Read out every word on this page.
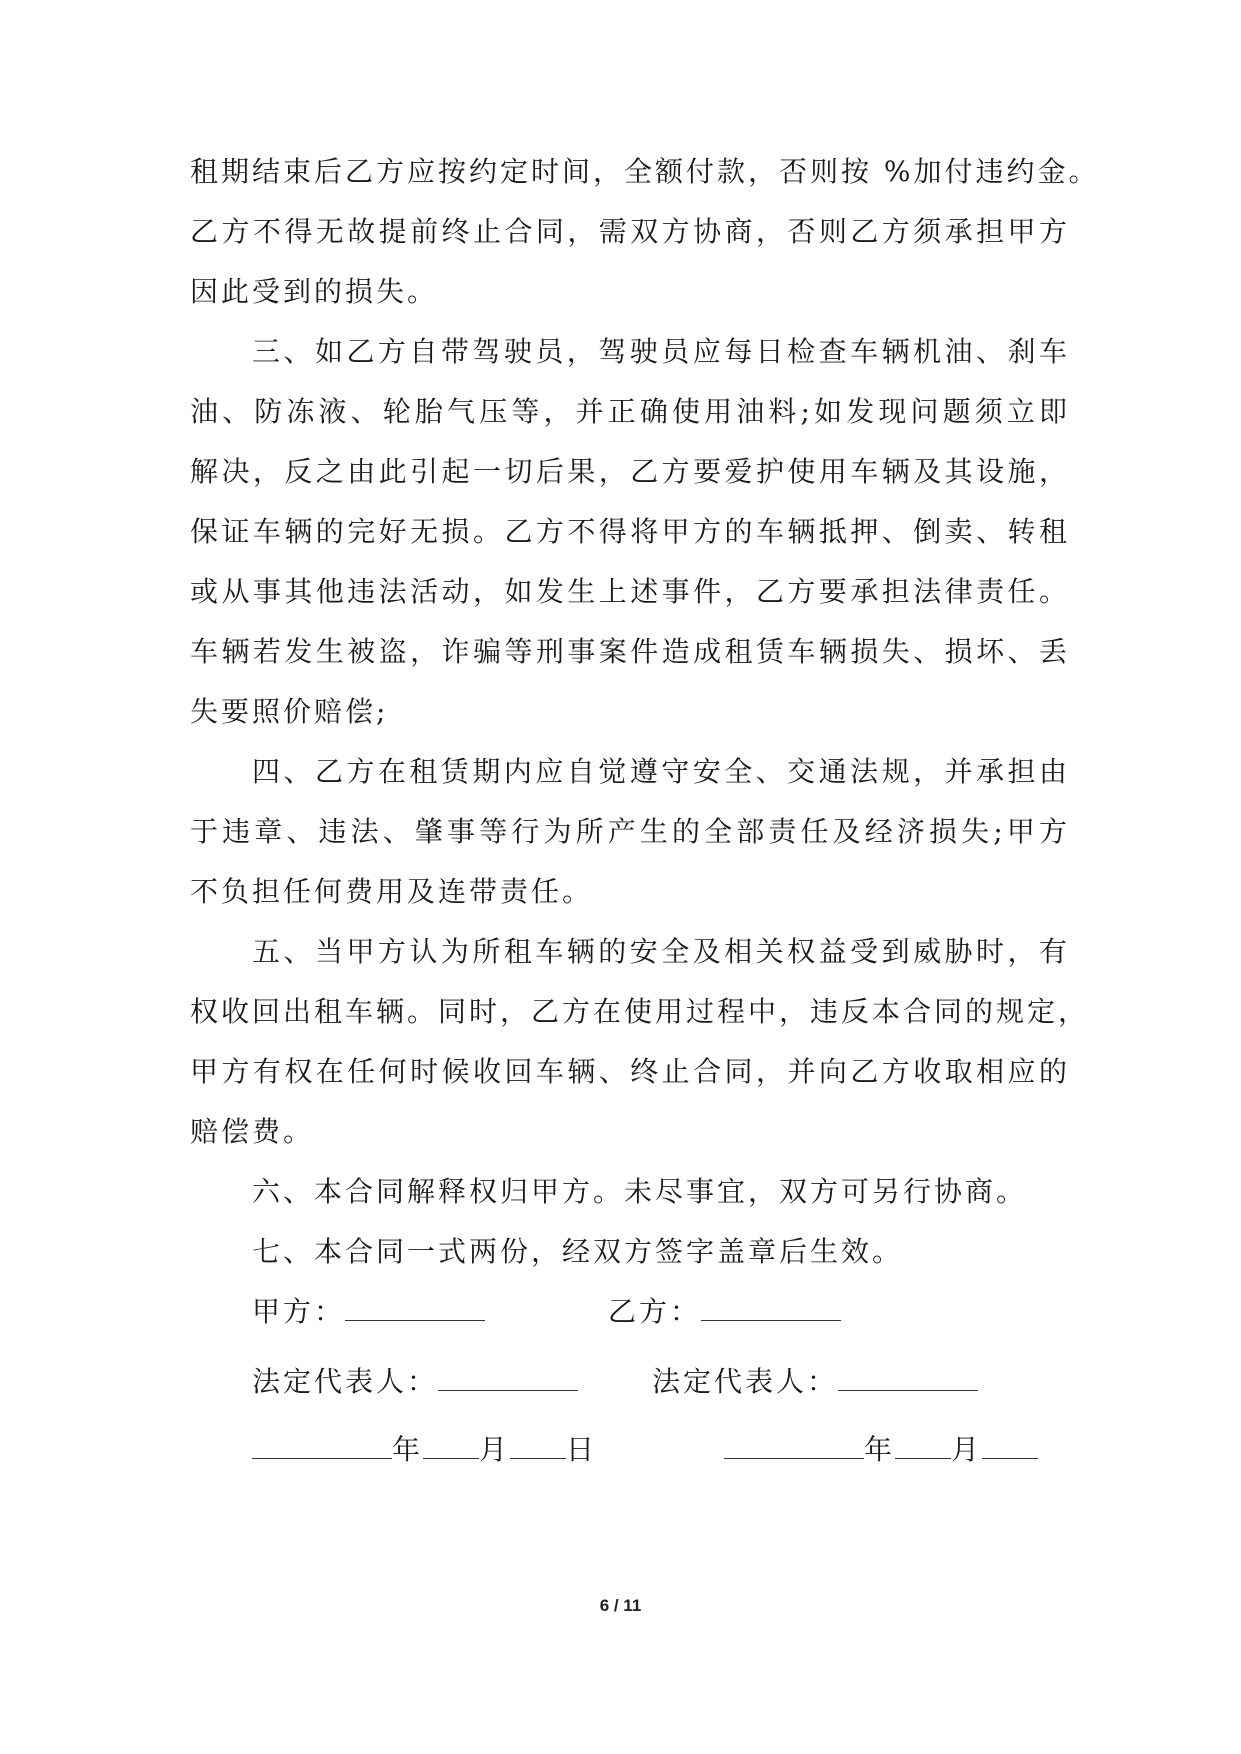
租期结束后乙方应按约定时间，全额付款，否则按 %加付违约金。
乙方不得无故提前终止合同，需双方协商，否则乙方须承担甲方
因此受到的损失。
三、如乙方自带驾驶员，驾驶员应每日检查车辆机油、刹车
油、防冻液、轮胎气压等，并正确使用油料;如发现问题须立即
解决，反之由此引起一切后果，乙方要爱护使用车辆及其设施，
保证车辆的完好无损。乙方不得将甲方的车辆抵押、倒卖、转租
或从事其他违法活动，如发生上述事件，乙方要承担法律责任。
车辆若发生被盗，诈骗等刑事案件造成租赁车辆损失、损坏、丢
失要照价赔偿;
四、乙方在租赁期内应自觉遵守安全、交通法规，并承担由
于违章、违法、肇事等行为所产生的全部责任及经济损失;甲方
不负担任何费用及连带责任。
五、当甲方认为所租车辆的安全及相关权益受到威胁时，有
权收回出租车辆。同时，乙方在使用过程中，违反本合同的规定，
甲方有权在任何时候收回车辆、终止合同，并向乙方收取相应的
赔偿费。
六、本合同解释权归甲方。未尽事宜，双方可另行协商。
七、本合同一式两份，经双方签字盖章后生效。
甲方：	乙方：
法定代表人：	法定代表人：
年 月 日	年 月
6 / 11
